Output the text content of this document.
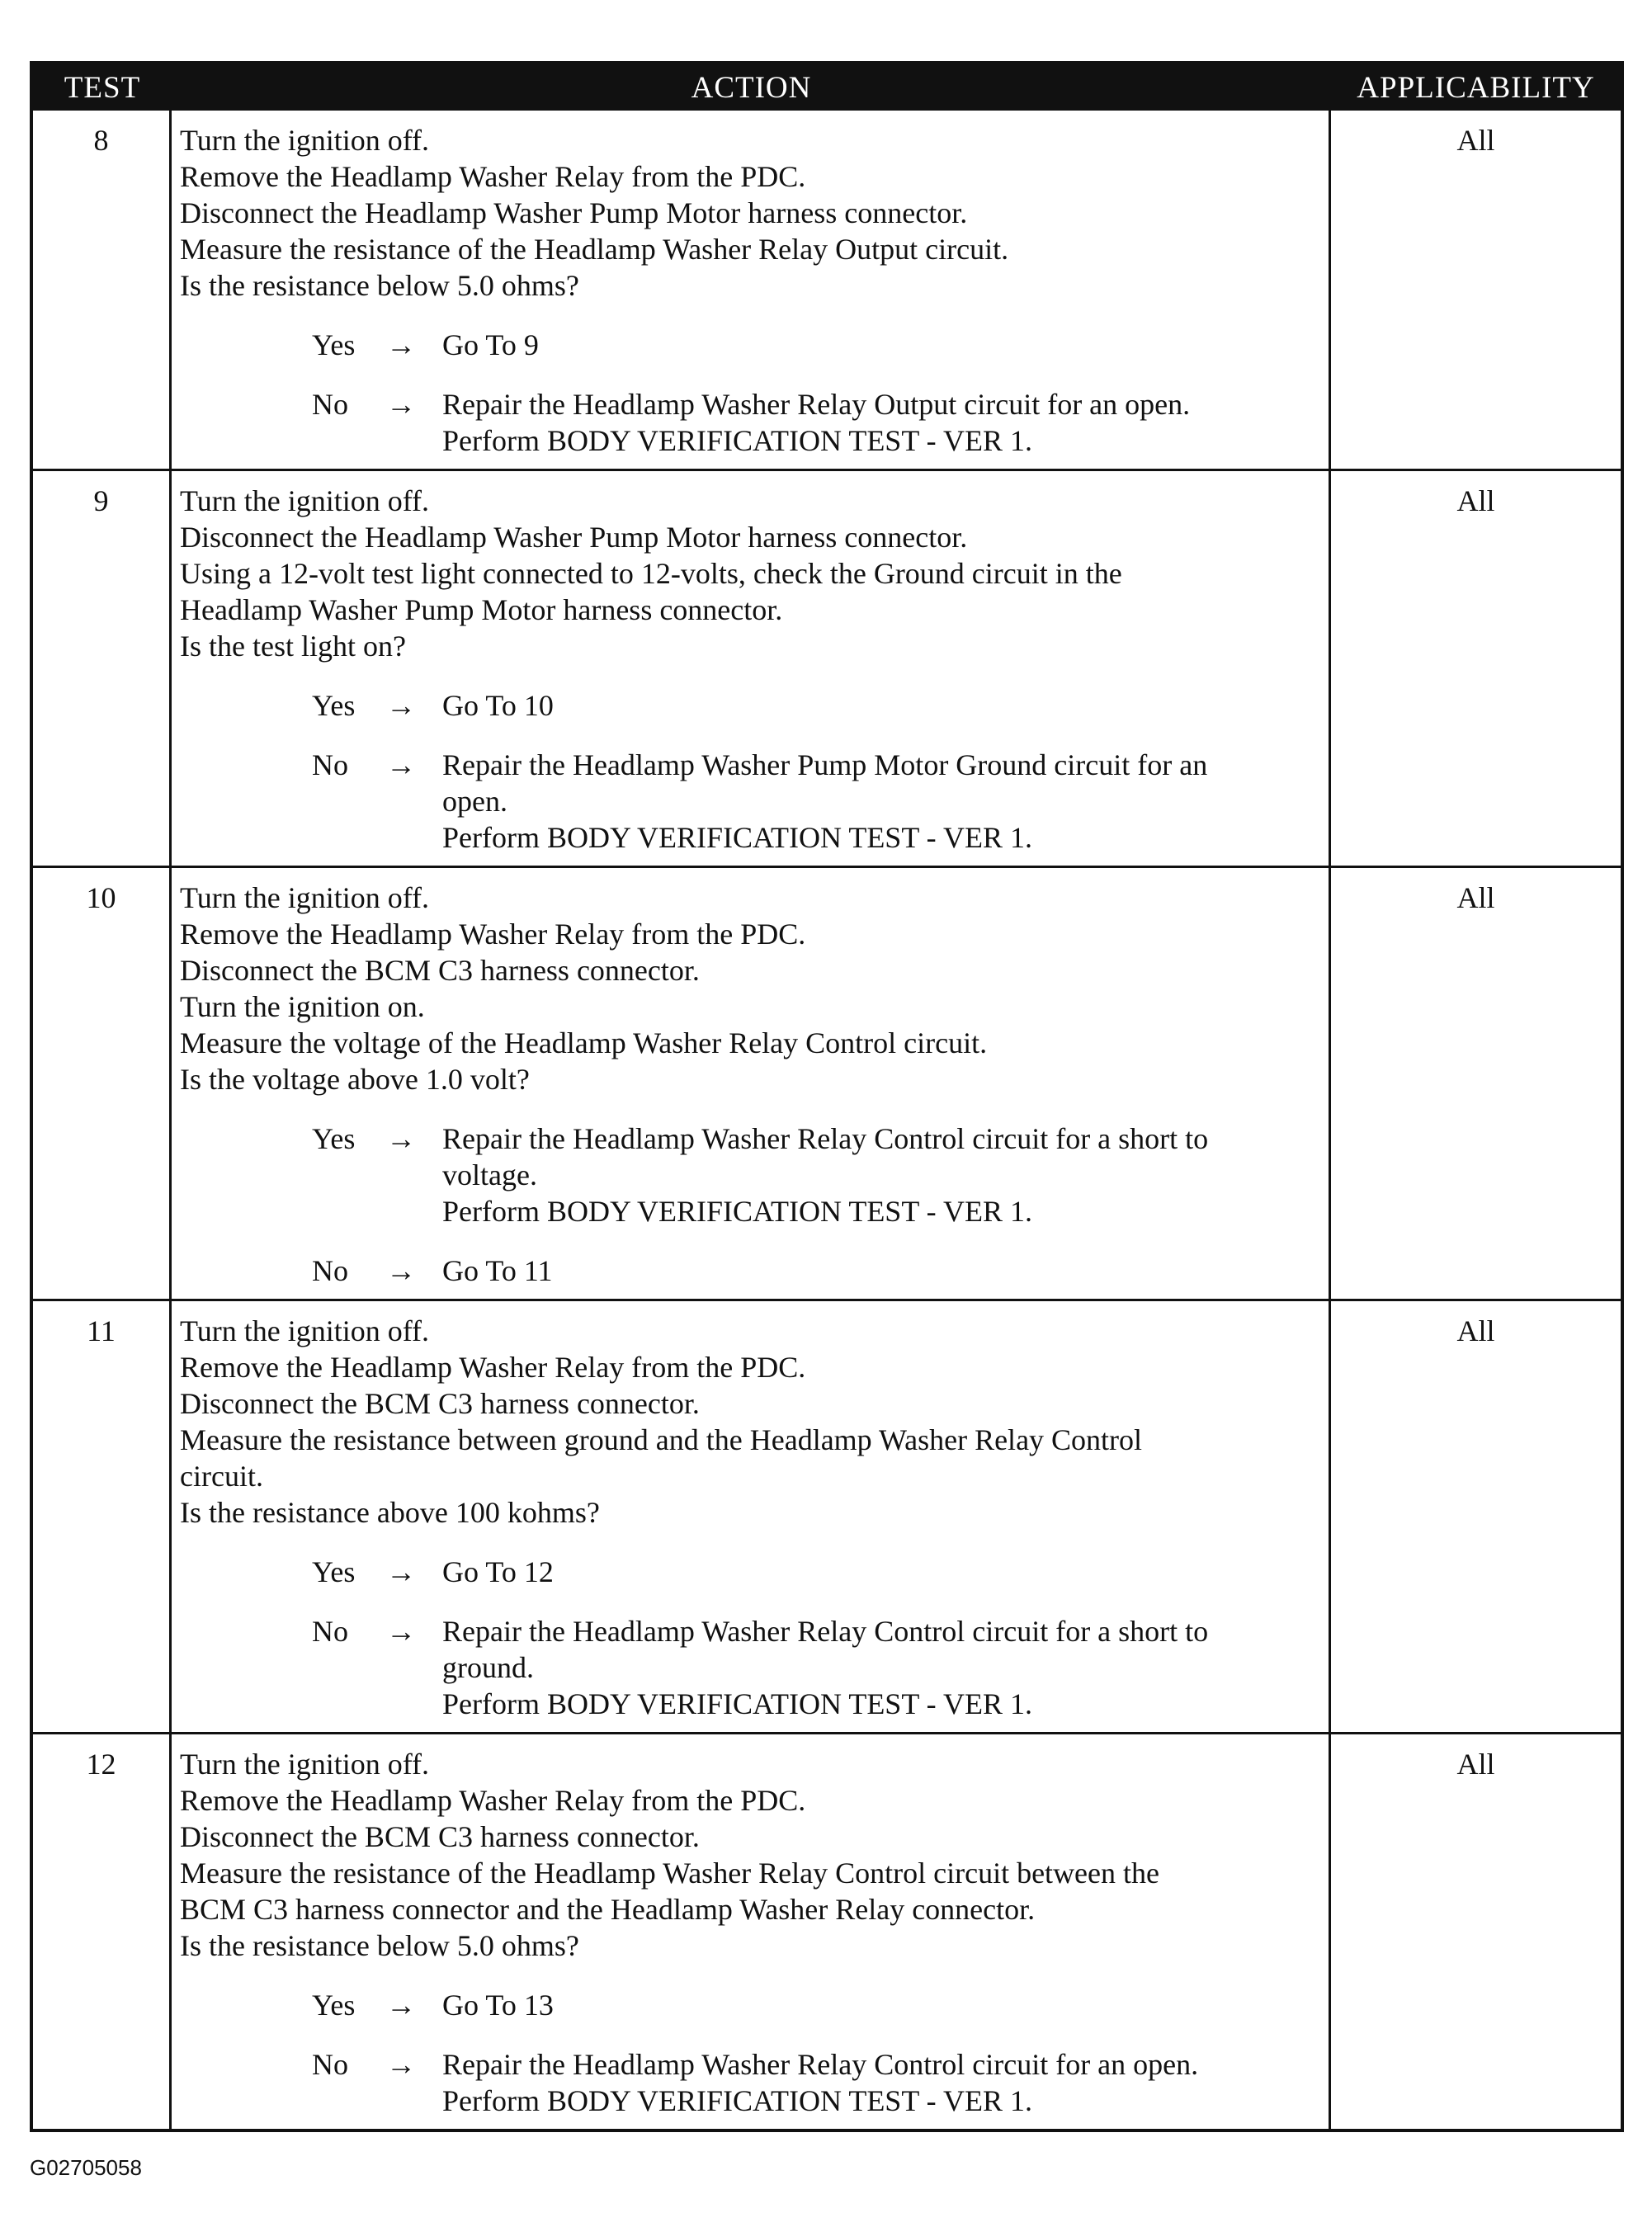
TEST	ACTION	APPLICABILITY
8	Turn the ignition off.
Remove the Headlamp Washer Relay from the PDC.
Disconnect the Headlamp Washer Pump Motor harness connector.
Measure the resistance of the Headlamp Washer Relay Output circuit.
Is the resistance below 5.0 ohms?
Yes	→ Go To 9
No	→ Repair the Headlamp Washer Relay Output circuit for an open.
Perform BODY VERIFICATION TEST - VER 1.
All
9	Turn the ignition off.
Disconnect the Headlamp Washer Pump Motor harness connector.
Using a 12-volt test light connected to 12-volts, check the Ground circuit in the
Headlamp Washer Pump Motor harness connector.
Is the test light on?
Yes	→ Go To 10
No	→ Repair the Headlamp Washer Pump Motor Ground circuit for an
open.
Perform BODY VERIFICATION TEST - VER 1.
All
10	Turn the ignition off.
Remove the Headlamp Washer Relay from the PDC.
Disconnect the BCM C3 harness connector.
Turn the ignition on.
Measure the voltage of the Headlamp Washer Relay Control circuit.
Is the voltage above 1.0 volt?
Yes	→ Repair the Headlamp Washer Relay Control circuit for a short to
voltage.
Perform BODY VERIFICATION TEST - VER 1.
No	→ Go To 11
All
11	Turn the ignition off.
Remove the Headlamp Washer Relay from the PDC.
Disconnect the BCM C3 harness connector.
Measure the resistance between ground and the Headlamp Washer Relay Control
circuit.
Is the resistance above 100 kohms?
Yes	→ Go To 12
No	→ Repair the Headlamp Washer Relay Control circuit for a short to
ground.
Perform BODY VERIFICATION TEST - VER 1.
All
12	Turn the ignition off.
Remove the Headlamp Washer Relay from the PDC.
Disconnect the BCM C3 harness connector.
Measure the resistance of the Headlamp Washer Relay Control circuit between the
BCM C3 harness connector and the Headlamp Washer Relay connector.
Is the resistance below 5.0 ohms?
Yes	→ Go To 13
No	→ Repair the Headlamp Washer Relay Control circuit for an open.
Perform BODY VERIFICATION TEST - VER 1.
All
G02705058
